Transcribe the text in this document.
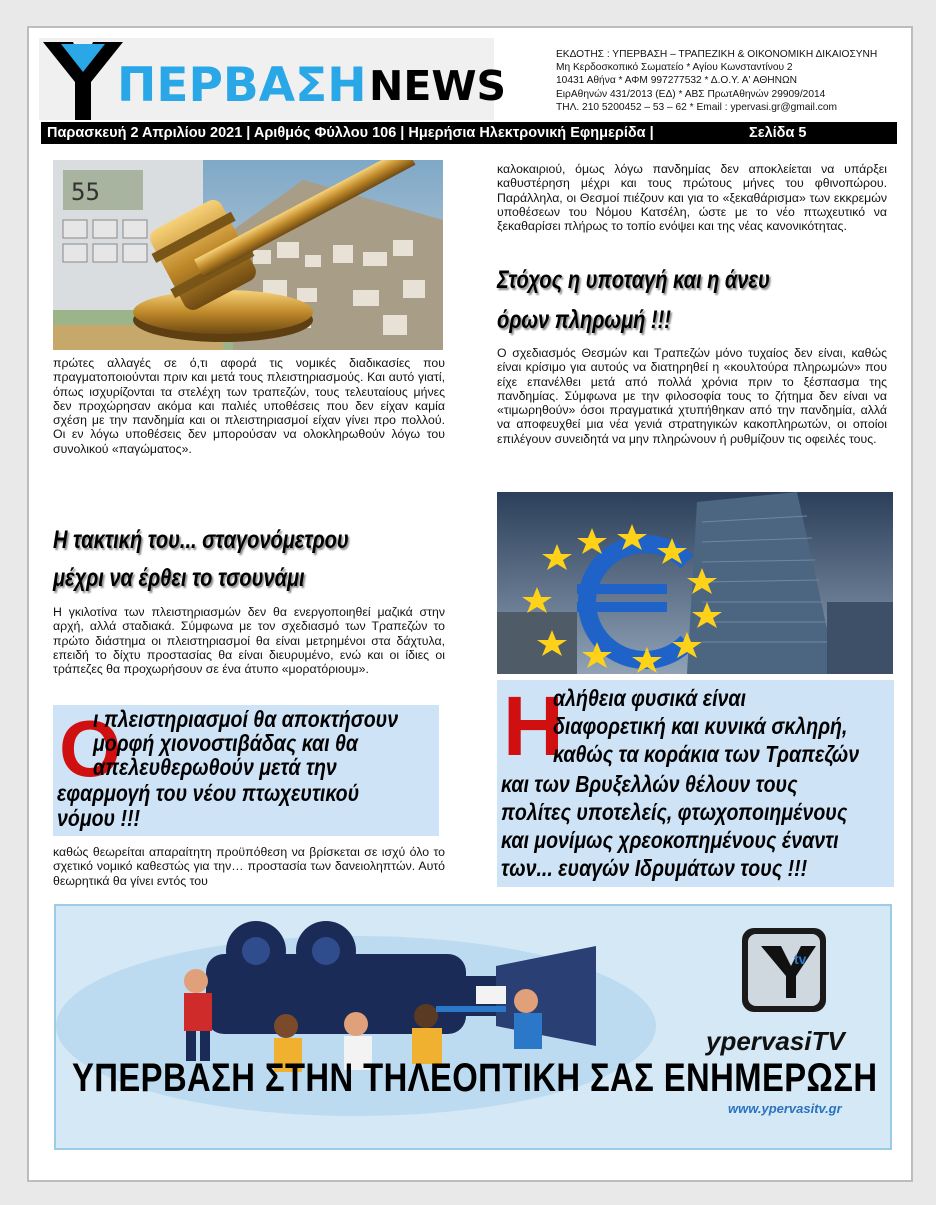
ΠΕΡΒΑΣΗ NEWS
ΕΚΔΟΤΗΣ : ΥΠΕΡΒΑΣΗ – ΤΡΑΠΕΖΙΚΗ & ΟΙΚΟΝΟΜΙΚΗ ΔΙΚΑΙΟΣΥΝΗ
Μη Κερδοσκοπικό Σωματείο * Αγίου Κωνσταντίνου 2
10431 Αθήνα * ΑΦΜ 997277532 * Δ.Ο.Υ. Α' ΑΘΗΝΩΝ
ΕιρΑθηνών 431/2013 (ΕΔ) * ΑΒΣ ΠρωτΑθηνών 29909/2014
ΤΗΛ. 210 5200452 – 53 – 62 * Email : ypervasi.gr@gmail.com
Παρασκευή 2 Απριλίου 2021 | Αριθμός Φύλλου 106 | Ημερήσια Ηλεκτρονική Εφημερίδα |	Σελίδα 5
55

πρώτες αλλαγές σε ό,τι αφορά τις νομικές διαδικασίες που πραγματοποιούνται πριν και μετά τους πλειστηριασμούς. Και αυτό γιατί, όπως ισχυρίζονται τα στελέχη των τραπεζών, τους τελευταίους μήνες δεν προχώρησαν ακόμα και παλιές υποθέσεις που δεν είχαν καμία σχέση με την πανδημία και οι πλειστηριασμοί είχαν γίνει προ πολλού. Οι εν λόγω υποθέσεις δεν μπορούσαν να ολοκληρωθούν λόγω του συνολικού «παγώματος».

Η τακτική του... σταγονόμετρου
μέχρι να έρθει το τσουνάμι

Η γκιλοτίνα των πλειστηριασμών δεν θα ενεργοποιηθεί μαζικά στην αρχή, αλλά σταδιακά. Σύμφωνα με τον σχεδιασμό των Τραπεζών το πρώτο διάστημα οι πλειστηριασμοί θα είναι μετρημένοι στα δάχτυλα, επειδή το δίχτυ προστασίας θα είναι διευρυμένο, ενώ και οι ίδιες οι τράπεζες θα προχωρήσουν σε ένα άτυπο «μορατόριουμ».

Ο
ι πλειστηριασμοί θα αποκτήσουν
μορφή χιονοστιβάδας και θα
απελευθερωθούν μετά την
εφαρμογή του νέου πτωχευτικού
νόμου !!!

καθώς θεωρείται απαραίτητη προϋπόθεση να βρίσκεται σε ισχύ όλο το σχετικό νομικό καθεστώς για την… προστασία των δανειοληπτών. Αυτό θεωρητικά θα γίνει εντός του

καλοκαιριού, όμως λόγω πανδημίας δεν αποκλείεται να υπάρξει καθυστέρηση μέχρι και τους πρώτους μήνες του φθινοπώρου. Παράλληλα, οι Θεσμοί πιέζουν και για το «ξεκαθάρισμα» των εκκρεμών υποθέσεων του Νόμου Κατσέλη, ώστε με το νέο πτωχευτικό να ξεκαθαρίσει πλήρως το τοπίο ενόψει και της νέας κανονικότητας.

Στόχος η υποταγή και η άνευ
όρων πληρωμή !!!

Ο σχεδιασμός Θεσμών και Τραπεζών μόνο τυχαίος δεν είναι, καθώς είναι κρίσιμο για αυτούς να διατηρηθεί η «κουλτούρα πληρωμών» που είχε επανέλθει μετά από πολλά χρόνια πριν το ξέσπασμα της πανδημίας. Σύμφωνα με την φιλοσοφία τους το ζήτημα δεν είναι να «τιμωρηθούν» όσοι πραγματικά χτυπήθηκαν από την πανδημία, αλλά να αποφευχθεί μια νέα γενιά στρατηγικών κακοπληρωτών, οι οποίοι επιλέγουν συνειδητά να μην πληρώνουν ή ρυθμίζουν τις οφειλές τους.

Η
αλήθεια φυσικά είναι
διαφορετική και κυνικά σκληρή,
καθώς τα κοράκια των Τραπεζών
και των Βρυξελλών θέλουν τους
πολίτες υποτελείς, φτωχοποιημένους
και μονίμως χρεοκοπημένους έναντι
των... ευαγών Ιδρυμάτων τους !!!
tv
ypervasiTV
ΥΠΕΡΒΑΣΗ ΣΤΗΝ ΤΗΛΕΟΠΤΙΚΗ ΣΑΣ ΕΝΗΜΕΡΩΣΗ
www.ypervasitv.gr
